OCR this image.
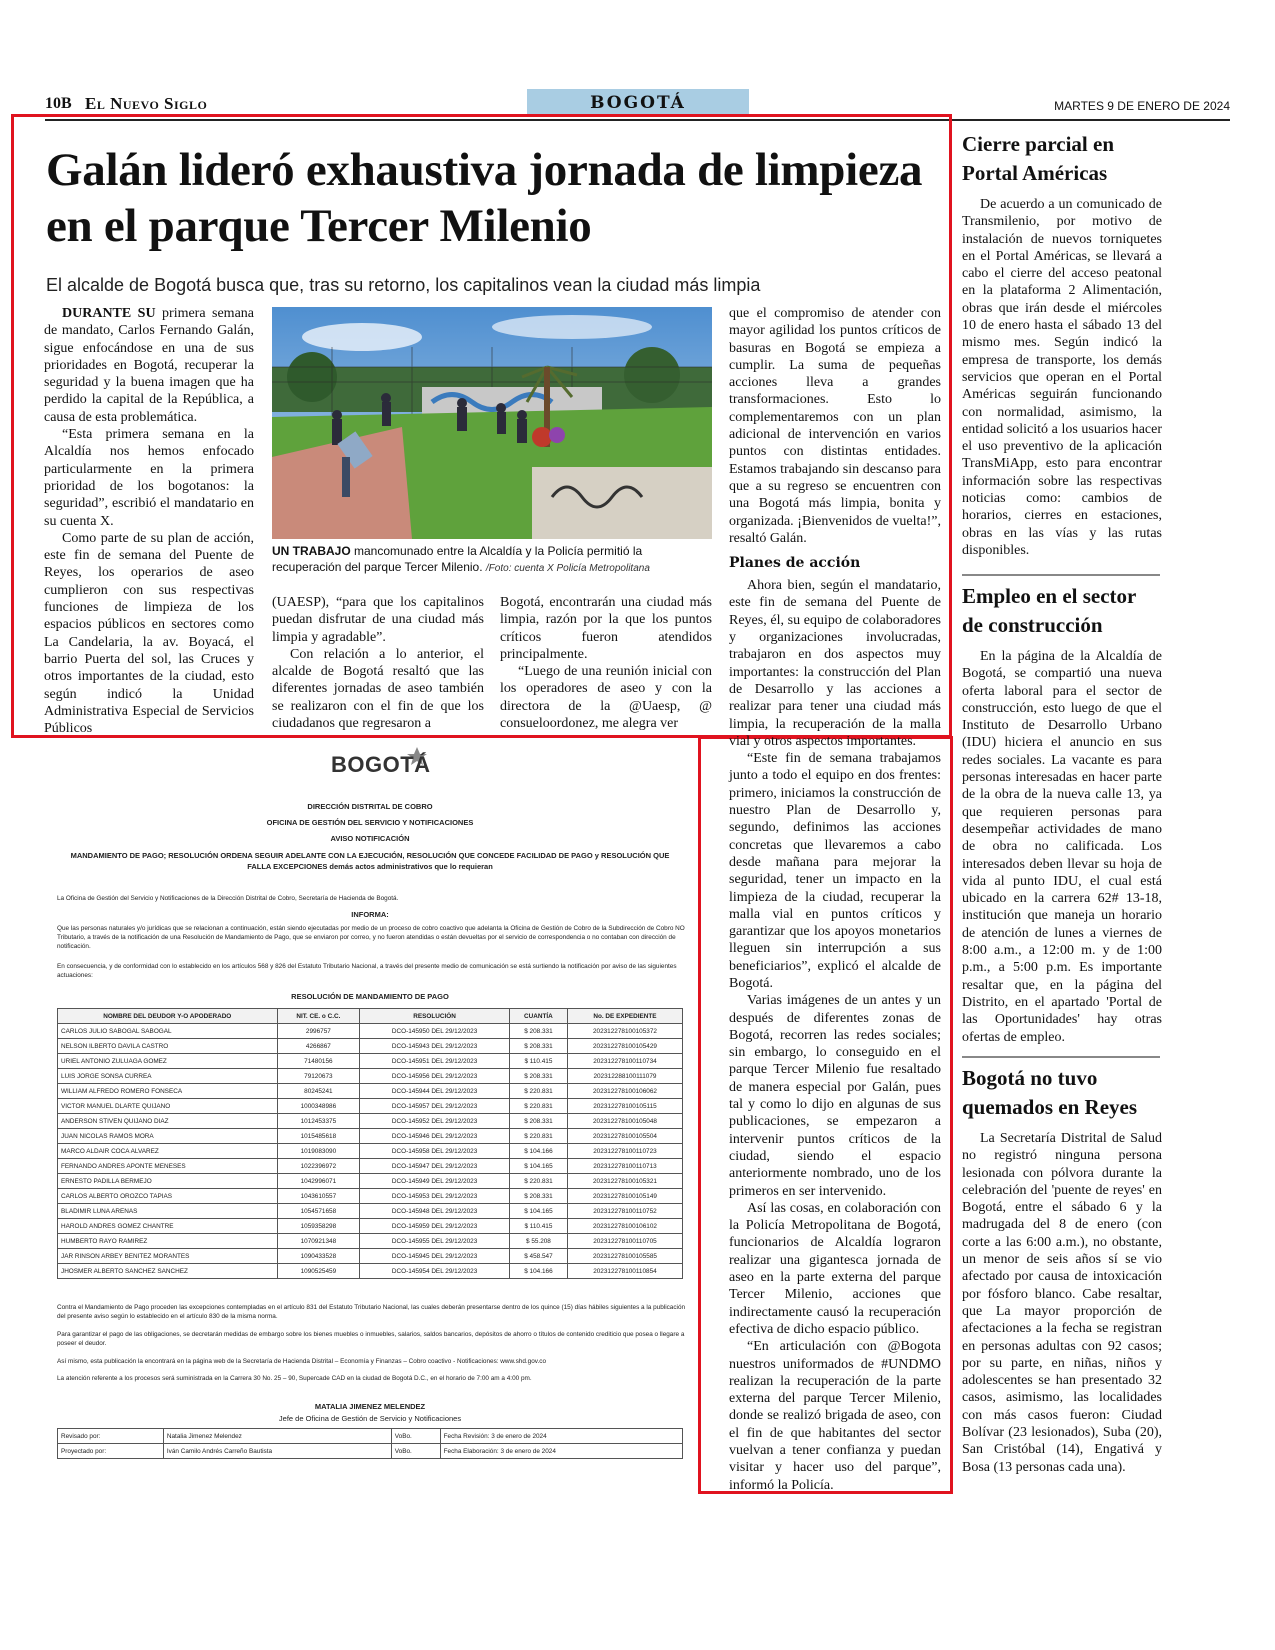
10B El Nuevo Siglo	BOGOTÁ	MARTES 9 DE ENERO DE 2024
Galán lideró exhaustiva jornada de limpieza en el parque Tercer Milenio
El alcalde de Bogotá busca que, tras su retorno, los capitalinos vean la ciudad más limpia

DURANTE SU primera semana de mandato, Carlos Fernando Galán, sigue enfocándose en una de sus prioridades en Bogotá, recuperar la seguridad y la buena imagen que ha perdido la capital de la República, a causa de esta problemática.

“Esta primera semana en la Alcaldía nos hemos enfocado particularmente en la primera prioridad de los bogotanos: la seguridad”, escribió el mandatario en su cuenta X.

Como parte de su plan de acción, este fin de semana del Puente de Reyes, los operarios de aseo cumplieron con sus respectivas funciones de limpieza de los espacios públicos en sectores como La Candelaria, la av. Boyacá, el barrio Puerta del sol, las Cruces y otros importantes de la ciudad, esto según indicó la Unidad Administrativa Especial de Servicios Públicos

UN TRABAJO mancomunado entre la Alcaldía y la Policía permitió la recuperación del parque Tercer Milenio. /Foto: cuenta X Policía Metropolitana

(UAESP), “para que los capitalinos puedan disfrutar de una ciudad más limpia y agradable”.

Con relación a lo anterior, el alcalde de Bogotá resaltó que las diferentes jornadas de aseo también se realizaron con el fin de que los ciudadanos que regresaron a

Bogotá, encontrarán una ciudad más limpia, razón por la que los puntos críticos fueron atendidos principalmente.

“Luego de una reunión inicial con los operadores de aseo y con la directora de la @Uaesp, @ consueloordonez, me alegra ver

que el compromiso de atender con mayor agilidad los puntos críticos de basuras en Bogotá se empieza a cumplir. La suma de pequeñas acciones lleva a grandes transformaciones. Esto lo complementaremos con un plan adicional de intervención en varios puntos con distintas entidades. Estamos trabajando sin descanso para que a su regreso se encuentren con una Bogotá más limpia, bonita y organizada. ¡Bienvenidos de vuelta!”, resaltó Galán.

Planes de acción

Ahora bien, según el mandatario, este fin de semana del Puente de Reyes, él, su equipo de colaboradores y organizaciones involucradas, trabajaron en dos aspectos muy importantes: la construcción del Plan de Desarrollo y las acciones a realizar para tener una ciudad más limpia, la recuperación de la malla vial y otros aspectos importantes.

“Este fin de semana trabajamos junto a todo el equipo en dos frentes: primero, iniciamos la construcción de nuestro Plan de Desarrollo y, segundo, definimos las acciones concretas que llevaremos a cabo desde mañana para mejorar la seguridad, tener un impacto en la limpieza de la ciudad, recuperar la malla vial en puntos críticos y garantizar que los apoyos monetarios lleguen sin interrupción a sus beneficiarios”, explicó el alcalde de Bogotá.

Varias imágenes de un antes y un después de diferentes zonas de Bogotá, recorren las redes sociales; sin embargo, lo conseguido en el parque Tercer Milenio fue resaltado de manera especial por Galán, pues tal y como lo dijo en algunas de sus publicaciones, se empezaron a intervenir puntos críticos de la ciudad, siendo el espacio anteriormente nombrado, uno de los primeros en ser intervenido.

Así las cosas, en colaboración con la Policía Metropolitana de Bogotá, funcionarios de Alcaldía lograron realizar una gigantesca jornada de aseo en la parte externa del parque Tercer Milenio, acciones que indirectamente causó la recuperación efectiva de dicho espacio público.

“En articulación con @Bogota nuestros uniformados de #UNDMO realizan la recuperación de la parte externa del parque Tercer Milenio, donde se realizó brigada de aseo, con el fin de que habitantes del sector vuelvan a tener confianza y puedan visitar y hacer uso del parque”, informó la Policía.

Cierre parcial en Portal Américas

De acuerdo a un comunicado de Transmilenio, por motivo de instalación de nuevos torniquetes en el Portal Américas, se llevará a cabo el cierre del acceso peatonal en la plataforma 2 Alimentación, obras que irán desde el miércoles 10 de enero hasta el sábado 13 del mismo mes. Según indicó la empresa de transporte, los demás servicios que operan en el Portal Américas seguirán funcionando con normalidad, asimismo, la entidad solicitó a los usuarios hacer el uso preventivo de la aplicación TransMiApp, esto para encontrar información sobre las respectivas noticias como: cambios de horarios, cierres en estaciones, obras en las vías y las rutas disponibles.

Empleo en el sector de construcción

En la página de la Alcaldía de Bogotá, se compartió una nueva oferta laboral para el sector de construcción, esto luego de que el Instituto de Desarrollo Urbano (IDU) hiciera el anuncio en sus redes sociales. La vacante es para personas interesadas en hacer parte de la obra de la nueva calle 13, ya que requieren personas para desempeñar actividades de mano de obra no calificada. Los interesados deben llevar su hoja de vida al punto IDU, el cual está ubicado en la carrera 62# 13-18, institución que maneja un horario de atención de lunes a viernes de 8:00 a.m., a 12:00 m. y de 1:00 p.m., a 5:00 p.m. Es importante resaltar que, en la página del Distrito, en el apartado 'Portal de las Oportunidades' hay otras ofertas de empleo.

Bogotá no tuvo quemados en Reyes

La Secretaría Distrital de Salud no registró ninguna persona lesionada con pólvora durante la celebración del 'puente de reyes' en Bogotá, entre el sábado 6 y la madrugada del 8 de enero (con corte a las 6:00 a.m.), no obstante, un menor de seis años sí se vio afectado por causa de intoxicación por fósforo blanco. Cabe resaltar, que La mayor proporción de afectaciones a la fecha se registran en personas adultas con 92 casos; por su parte, en niñas, niños y adolescentes se han presentado 32 casos, asimismo, las localidades con más casos fueron: Ciudad Bolívar (23 lesionados), Suba (20), San Cristóbal (14), Engativá y Bosa (13 personas cada una).

BOGOTÁ
DIRECCIÓN DISTRITAL DE COBRO
OFICINA DE GESTIÓN DEL SERVICIO Y NOTIFICACIONES
AVISO NOTIFICACIÓN
MANDAMIENTO DE PAGO; RESOLUCIÓN ORDENA SEGUIR ADELANTE CON LA EJECUCIÓN, RESOLUCIÓN QUE CONCEDE FACILIDAD DE PAGO y RESOLUCIÓN QUE FALLA EXCEPCIONES demás actos administrativos que lo requieran
La Oficina de Gestión del Servicio y Notificaciones de la Dirección Distrital de Cobro, Secretaría de Hacienda de Bogotá.
INFORMA:
Que las personas naturales y/o jurídicas que se relacionan a continuación, están siendo ejecutadas por medio de un proceso de cobro coactivo que adelanta la Oficina de Gestión de Cobro de la Subdirección de Cobro NO Tributario, a través de la notificación de una Resolución de Mandamiento de Pago, que se enviaron por correo, y no fueron atendidas o están devueltas por el servicio de correspondencia o no contaban con dirección de notificación.
En consecuencia, y de conformidad con lo establecido en los artículos 568 y 826 del Estatuto Tributario Nacional, a través del presente medio de comunicación se está surtiendo la notificación por aviso de las siguientes actuaciones:
RESOLUCIÓN DE MANDAMIENTO DE PAGO
NOMBRE DEL DEUDOR Y-O APODERADO	NIT. CE. o C.C.	RESOLUCIÓN	CUANTÍA	No. DE EXPEDIENTE
CARLOS JULIO SABOGAL SABOGAL	2996757	DCO-145950 DEL 29/12/2023	$ 208.331	202312278100105372
NELSON ILBERTO DAVILA CASTRO	4266867	DCO-145943 DEL 29/12/2023	$ 208.331	202312278100105429
URIEL ANTONIO ZULUAGA GOMEZ	71480156	DCO-145951 DEL 29/12/2023	$ 110.415	202312278100110734
LUIS JORGE SONSA CURREA	79120673	DCO-145956 DEL 29/12/2023	$ 208.331	202312288100111079
WILLIAM ALFREDO ROMERO FONSECA	80245241	DCO-145944 DEL 29/12/2023	$ 220.831	202312278100106062
VICTOR MANUEL DLARTE QUIJANO	1000348986	DCO-145957 DEL 29/12/2023	$ 220.831	202312278100105115
ANDERSON STIVEN QUIJANO DIAZ	1012453375	DCO-145952 DEL 29/12/2023	$ 208.331	202312278100105048
JUAN NICOLAS RAMOS MORA	1015485618	DCO-145946 DEL 29/12/2023	$ 220.831	202312278100105504
MARCO ALDAIR COCA ALVAREZ	1019083090	DCO-145958 DEL 29/12/2023	$ 104.166	202312278100110723
FERNANDO ANDRES APONTE MENESES	1022396972	DCO-145947 DEL 29/12/2023	$ 104.165	202312278100110713
ERNESTO PADILLA BERMEJO	1042996071	DCO-145949 DEL 29/12/2023	$ 220.831	202312278100105321
CARLOS ALBERTO OROZCO TAPIAS	1043610557	DCO-145953 DEL 29/12/2023	$ 208.331	202312278100105149
BLADIMIR LUNA ARENAS	1054571658	DCO-145948 DEL 29/12/2023	$ 104.165	202312278100110752
HAROLD ANDRES GOMEZ CHANTRE	1059358298	DCO-145959 DEL 29/12/2023	$ 110.415	202312278100106102
HUMBERTO RAYO RAMIREZ	1070921348	DCO-145955 DEL 29/12/2023	$ 55.208	202312278100110705
JAR RINSON ARBEY BENITEZ MORANTES	1090433528	DCO-145945 DEL 29/12/2023	$ 458.547	202312278100105585
JHOSMER ALBERTO SANCHEZ SANCHEZ	1090525459	DCO-145954 DEL 29/12/2023	$ 104.166	202312278100110854
Contra el Mandamiento de Pago proceden las excepciones contempladas en el artículo 831 del Estatuto Tributario Nacional, las cuales deberán presentarse dentro de los quince (15) días hábiles siguientes a la publicación del presente aviso según lo establecido en el artículo 830 de la misma norma.
Para garantizar el pago de las obligaciones, se decretarán medidas de embargo sobre los bienes muebles o inmuebles, salarios, saldos bancarios, depósitos de ahorro o títulos de contenido crediticio que posea o llegare a poseer el deudor.
Así mismo, esta publicación la encontrará en la página web de la Secretaría de Hacienda Distrital – Economía y Finanzas – Cobro coactivo - Notificaciones: www.shd.gov.co
La atención referente a los procesos será suministrada en la Carrera 30 No. 25 – 90, Supercade CAD en la ciudad de Bogotá D.C., en el horario de 7:00 am a 4:00 pm.
MATALIA JIMENEZ MELENDEZ
Jefe de Oficina de Gestión de Servicio y Notificaciones
Revisado por:	Natalia Jimenez Melendez	VoBo.	Fecha Revisión: 3 de enero de 2024
Proyectado por:	Iván Camilo Andrés Carreño Bautista	VoBo.	Fecha Elaboración: 3 de enero de 2024
